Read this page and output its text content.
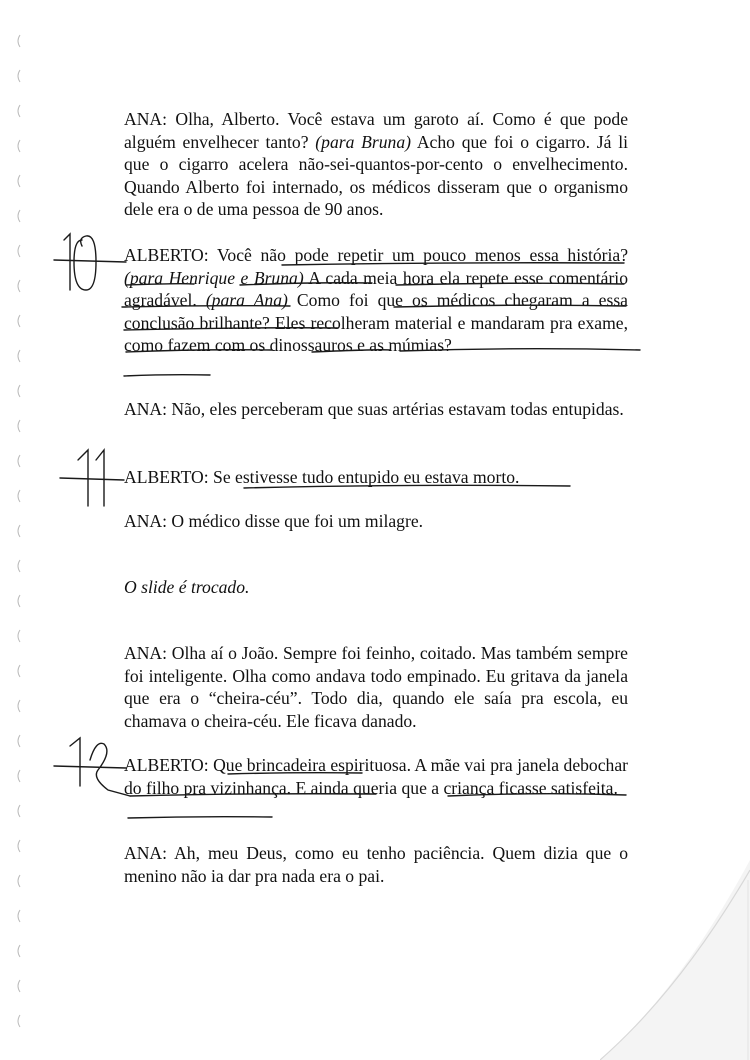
ANA: Olha, Alberto. Você estava um garoto aí. Como é que pode alguém envelhecer tanto? (para Bruna) Acho que foi o cigarro. Já li que o cigarro acelera não-sei-quantos-por-cento o envelhecimento. Quando Alberto foi internado, os médicos disseram que o organismo dele era o de uma pessoa de 90 anos.
ALBERTO: Você não pode repetir um pouco menos essa história? (para Henrique e Bruna) A cada meia hora ela repete esse comentário agradável. (para Ana) Como foi que os médicos chegaram a essa conclusão brilhante? Eles recolheram material e mandaram pra exame, como fazem com os dinossauros e as múmias?
ANA: Não, eles perceberam que suas artérias estavam todas entupidas.
ALBERTO: Se estivesse tudo entupido eu estava morto.
ANA: O médico disse que foi um milagre.
O slide é trocado.
ANA: Olha aí o João. Sempre foi feinho, coitado. Mas também sempre foi inteligente. Olha como andava todo empinado. Eu gritava da janela que era o “cheira-céu”. Todo dia, quando ele saía pra escola, eu chamava o cheira-céu. Ele ficava danado.
ALBERTO: Que brincadeira espirituosa. A mãe vai pra janela debochar do filho pra vizinhança. E ainda queria que a criança ficasse satisfeita.
ANA: Ah, meu Deus, como eu tenho paciência. Quem dizia que o menino não ia dar pra nada era o pai.
